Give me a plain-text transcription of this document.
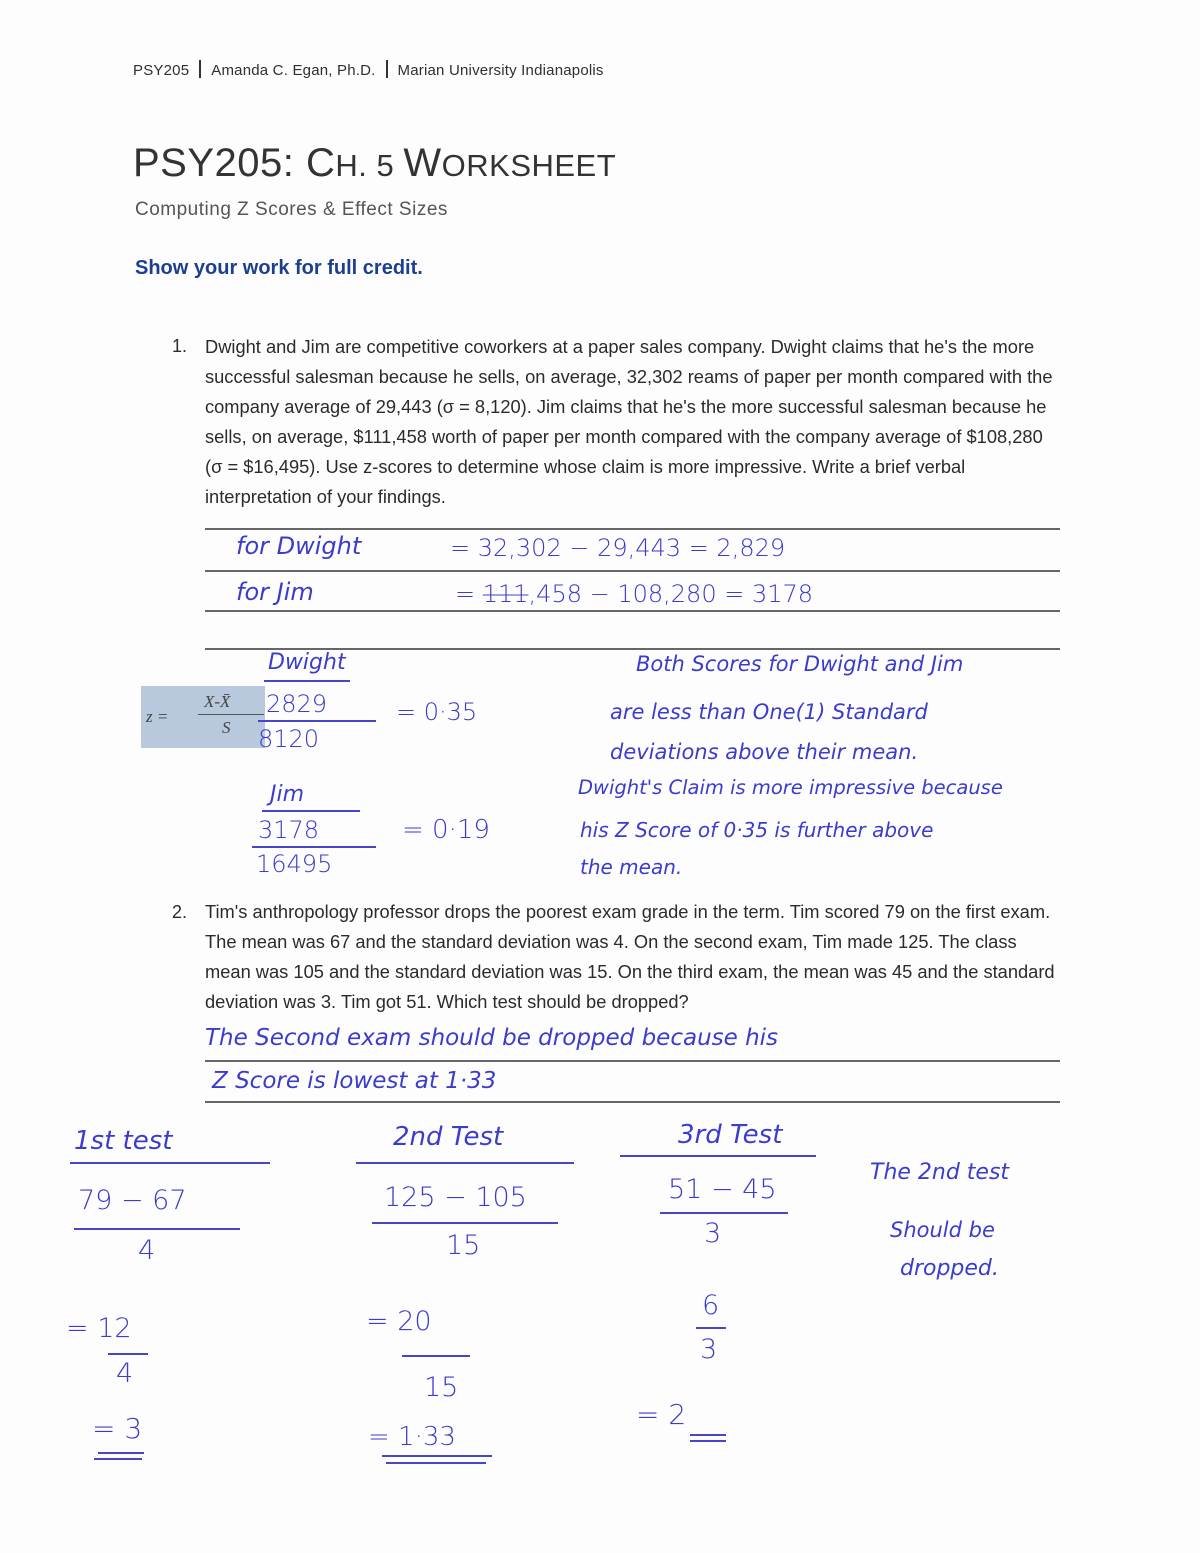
PSY205 Amanda C. Egan, Ph.D. Marian University Indianapolis
PSY205: CH. 5 WORKSHEET
Computing Z Scores & Effect Sizes
Show your work for full credit.
1. Dwight and Jim are competitive coworkers at a paper sales company. Dwight claims that he's the more successful salesman because he sells, on average, 32,302 reams of paper per month compared with the company average of 29,443 (σ = 8,120). Jim claims that he's the more successful salesman because he sells, on average, $111,458 worth of paper per month compared with the company average of $108,280 (σ = $16,495). Use z-scores to determine whose claim is more impressive. Write a brief verbal interpretation of your findings.
for Dwight	= 32,302 − 29,443 = 2,829
for Jim	= 1̶1̶1̶,458 − 108,280 = 3178
z =
X-X̄
S
Dwight
2829
8120
= 0·35
Jim
3178
16495
= 0·19
Both Scores for Dwight and Jim
are less than One(1) Standard
deviations above their mean.
Dwight's Claim is more impressive because
his Z Score of 0·35 is further above
the mean.
2. Tim's anthropology professor drops the poorest exam grade in the term. Tim scored 79 on the first exam. The mean was 67 and the standard deviation was 4. On the second exam, Tim made 125. The class mean was 105 and the standard deviation was 15. On the third exam, the mean was 45 and the standard deviation was 3. Tim got 51. Which test should be dropped?
The Second exam should be dropped because his
Z Score is lowest at 1·33
1st test
79 − 67
4
= 12
4
= 3
2nd Test
125 − 105
15
= 20
15
= 1·33
3rd Test
51 − 45
3
6
3
= 2
The 2nd test
Should be
dropped.
